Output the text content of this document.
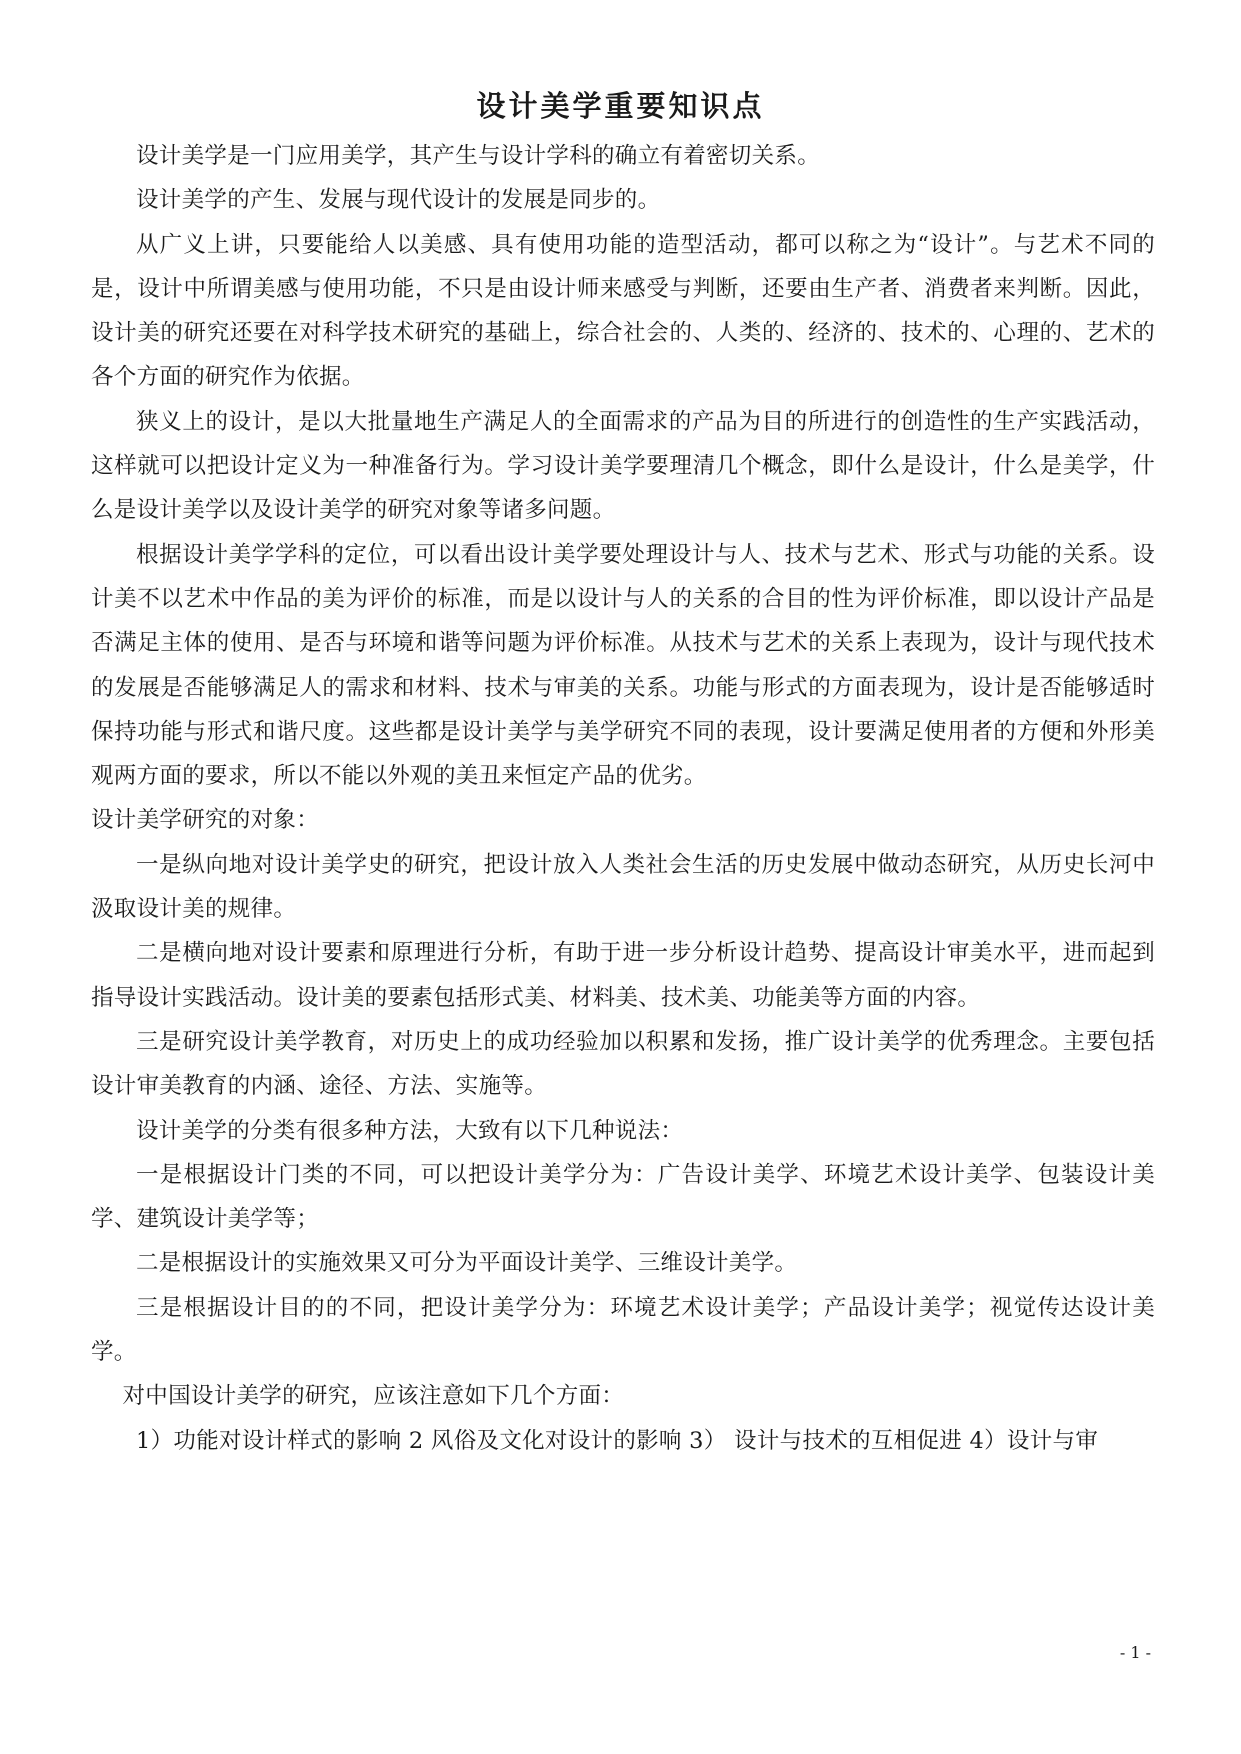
设计美学重要知识点

设计美学是一门应用美学，其产生与设计学科的确立有着密切关系。

设计美学的产生、发展与现代设计的发展是同步的。

从广义上讲，只要能给人以美感、具有使用功能的造型活动，都可以称之为“设计”。与艺术不同的是，设计中所谓美感与使用功能，不只是由设计师来感受与判断，还要由生产者、消费者来判断。因此，设计美的研究还要在对科学技术研究的基础上，综合社会的、人类的、经济的、技术的、心理的、艺术的各个方面的研究作为依据。

狭义上的设计，是以大批量地生产满足人的全面需求的产品为目的所进行的创造性的生产实践活动，这样就可以把设计定义为一种准备行为。学习设计美学要理清几个概念，即什么是设计，什么是美学，什么是设计美学以及设计美学的研究对象等诸多问题。

根据设计美学学科的定位，可以看出设计美学要处理设计与人、技术与艺术、形式与功能的关系。设计美不以艺术中作品的美为评价的标准，而是以设计与人的关系的合目的性为评价标准，即以设计产品是否满足主体的使用、是否与环境和谐等问题为评价标准。从技术与艺术的关系上表现为，设计与现代技术的发展是否能够满足人的需求和材料、技术与审美的关系。功能与形式的方面表现为，设计是否能够适时保持功能与形式和谐尺度。这些都是设计美学与美学研究不同的表现，设计要满足使用者的方便和外形美观两方面的要求，所以不能以外观的美丑来恒定产品的优劣。

设计美学研究的对象：

一是纵向地对设计美学史的研究，把设计放入人类社会生活的历史发展中做动态研究，从历史长河中汲取设计美的规律。

二是横向地对设计要素和原理进行分析，有助于进一步分析设计趋势、提高设计审美水平，进而起到指导设计实践活动。设计美的要素包括形式美、材料美、技术美、功能美等方面的内容。

三是研究设计美学教育，对历史上的成功经验加以积累和发扬，推广设计美学的优秀理念。主要包括设计审美教育的内涵、途径、方法、实施等。

设计美学的分类有很多种方法，大致有以下几种说法：

一是根据设计门类的不同，可以把设计美学分为：广告设计美学、环境艺术设计美学、包装设计美学、建筑设计美学等；

二是根据设计的实施效果又可分为平面设计美学、三维设计美学。

三是根据设计目的的不同，把设计美学分为：环境艺术设计美学；产品设计美学；视觉传达设计美学。

对中国设计美学的研究，应该注意如下几个方面：

1）功能对设计样式的影响 2 风俗及文化对设计的影响 3） 设计与技术的互相促进 4）设计与审

- 1 -
